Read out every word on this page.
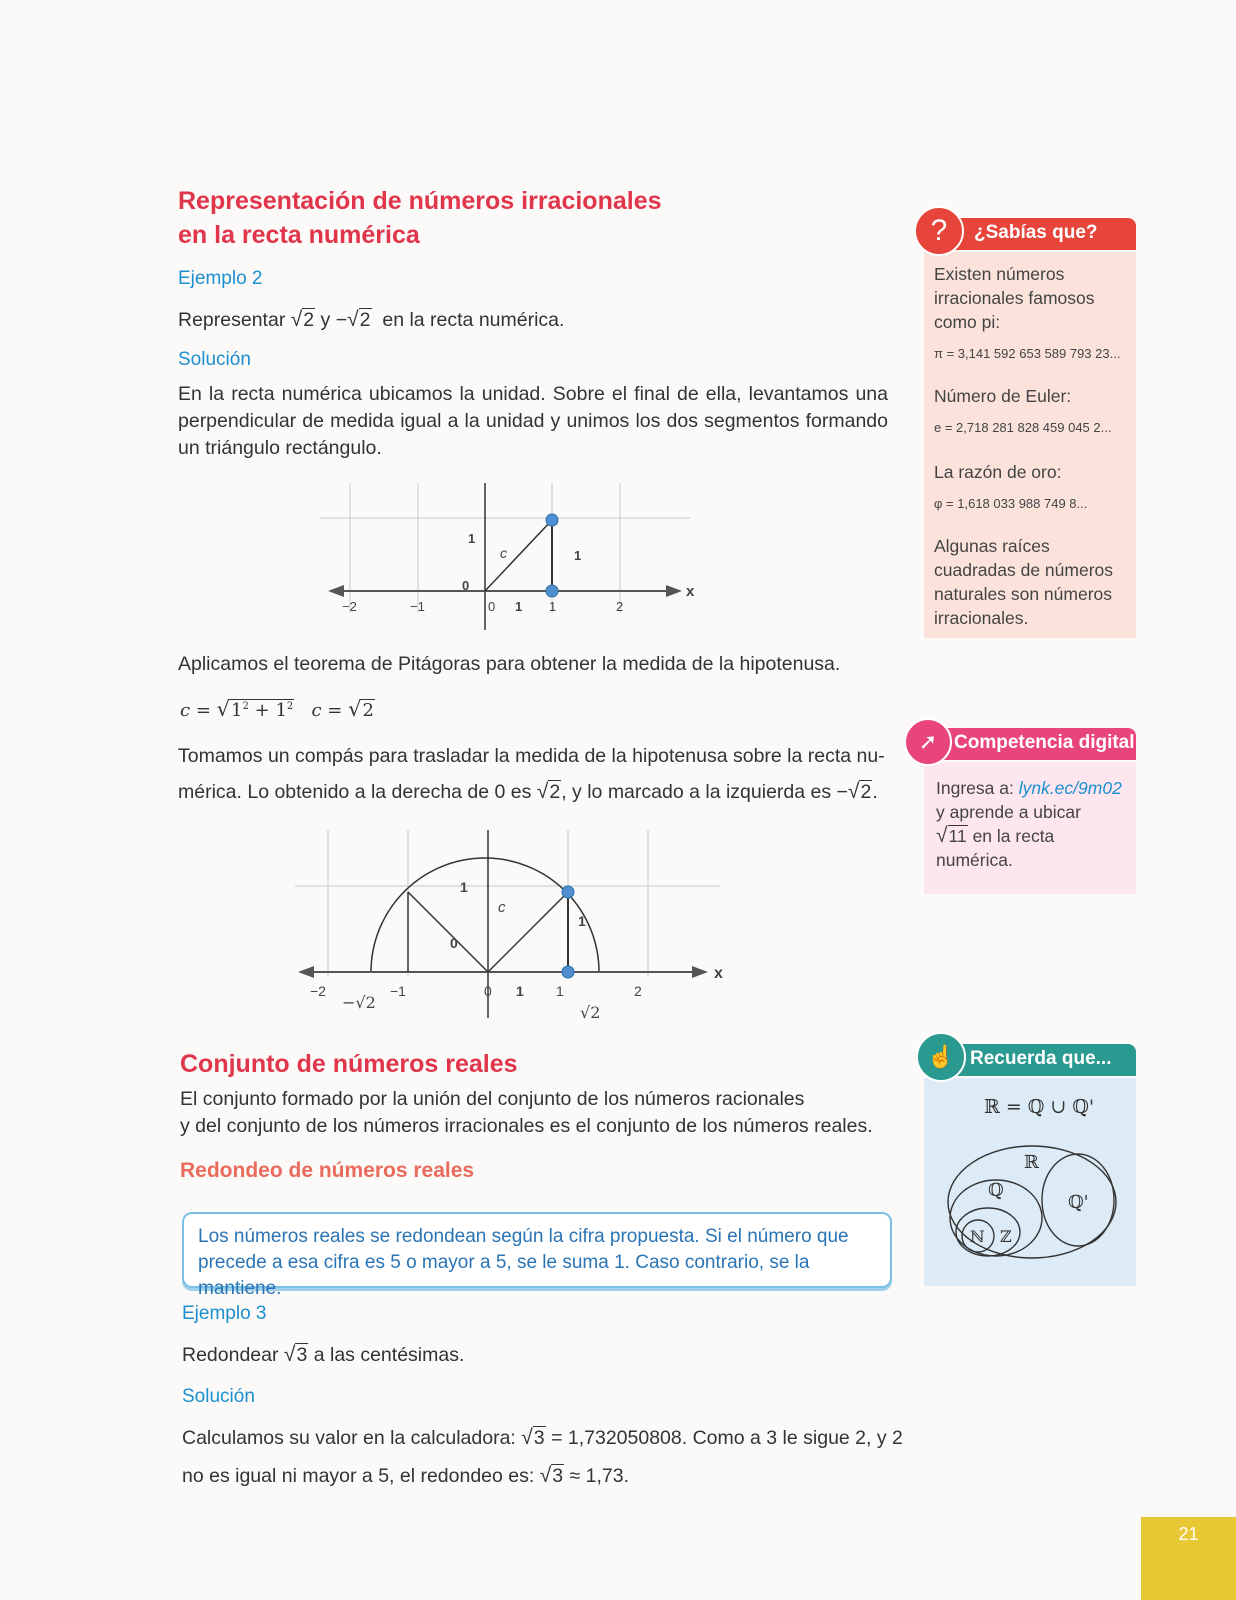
Representación de números irracionales
en la recta numérica
Ejemplo 2
Representar √2 y −√2 en la recta numérica.
Solución
En la recta numérica ubicamos la unidad. Sobre el final de ella, levantamos una perpendicular de medida igual a la unidad y unimos los dos segmentos formando un triángulo rectángulo.
−2	−1	0 1 1	2
1
0
c	1
x
Aplicamos el teorema de Pitágoras para obtener la medida de la hipotenusa.
$c = √1^2 + 1^2$ c = √2
Tomamos un compás para trasladar la medida de la hipotenusa sobre la recta nu-
mérica. Lo obtenido a la derecha de 0 es √2, y lo marcado a la izquierda es −√2.
−2	−1	0 1 1	2
1
0
c
1
x
−√2
√2
Conjunto de números reales
El conjunto formado por la unión del conjunto de los números racionales
y del conjunto de los números irracionales es el conjunto de los números reales.
Redondeo de números reales
Los números reales se redondean según la cifra propuesta. Si el número que
precede a esa cifra es 5 o mayor a 5, se le suma 1. Caso contrario, se la mantiene.
Ejemplo 3
Redondear √3 a las centésimas.
Solución
Calculamos su valor en la calculadora: √3 = 1,732050808. Como a 3 le sigue 2, y 2
no es igual ni mayor a 5, el redondeo es: √3 ≈ 1,73.
¿Sabías que?
?
Existen números
irracionales famosos
como pi:
π = 3,141 592 653 589 793 23...
Número de Euler:
e = 2,718 281 828 459 045 2...
La razón de oro:
φ = 1,618 033 988 749 8...
Algunas raíces
cuadradas de números
naturales son números
irracionales.
Competencia digital
➚
Ingresa a: lynk.ec/9m02
y aprende a ubicar
√11 en la recta
numérica.
Recuerda que...
☝
ℝ = ℚ ∪ ℚ'
ℝ
ℚ
ℚ'
ℕ ℤ
21
